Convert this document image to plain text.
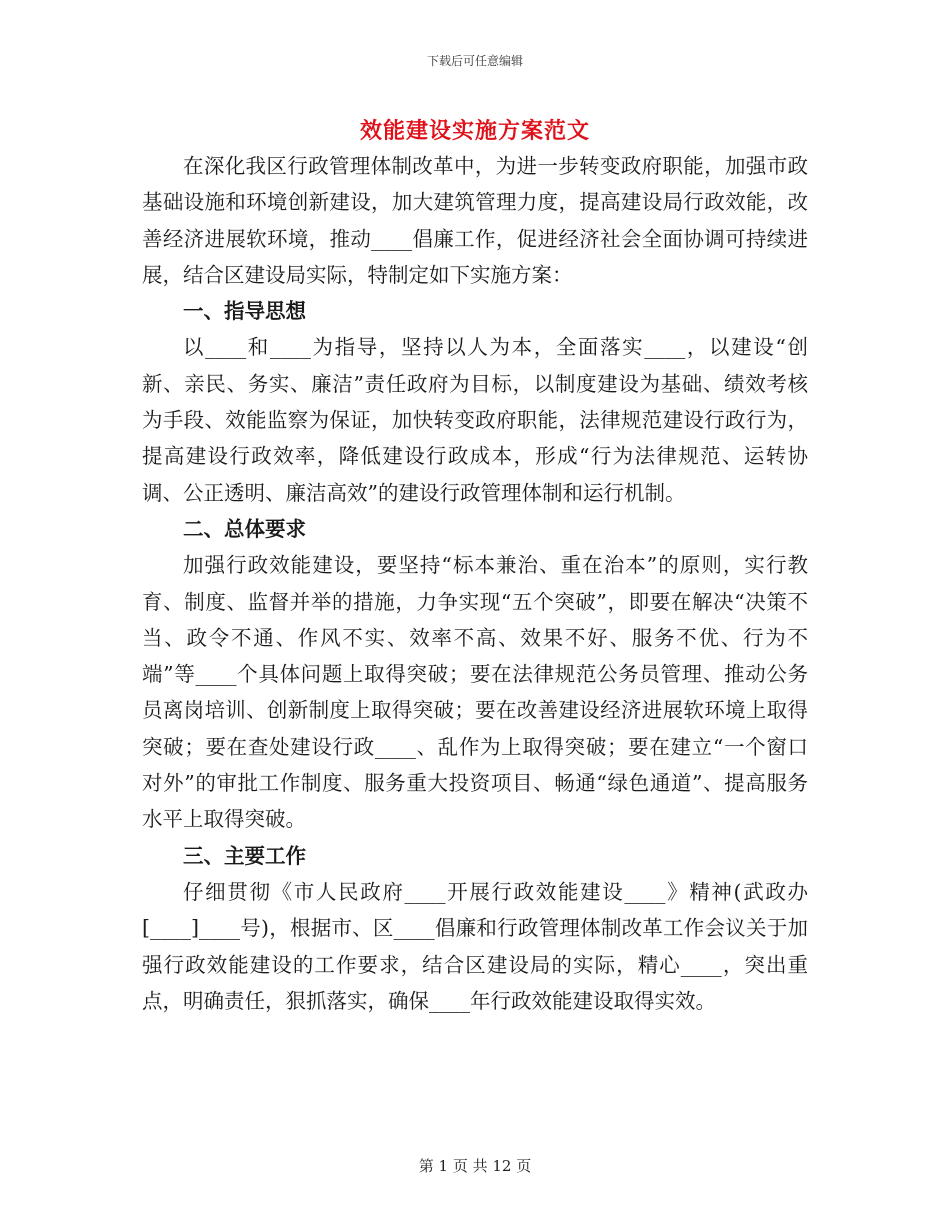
下载后可任意编辑
效能建设实施方案范文

在深化我区行政管理体制改革中，为进一步转变政府职能，加强市政基础设施和环境创新建设，加大建筑管理力度，提高建设局行政效能，改善经济进展软环境，推动____倡廉工作，促进经济社会全面协调可持续进展，结合区建设局实际，特制定如下实施方案：

一、指导思想

以____和____为指导，坚持以人为本，全面落实____，以建设“创新、亲民、务实、廉洁”责任政府为目标，以制度建设为基础、绩效考核为手段、效能监察为保证，加快转变政府职能，法律规范建设行政行为，提高建设行政效率，降低建设行政成本，形成“行为法律规范、运转协调、公正透明、廉洁高效”的建设行政管理体制和运行机制。

二、总体要求

加强行政效能建设，要坚持“标本兼治、重在治本”的原则，实行教育、制度、监督并举的措施，力争实现“五个突破”，即要在解决“决策不当、政令不通、作风不实、效率不高、效果不好、服务不优、行为不端”等____个具体问题上取得突破；要在法律规范公务员管理、推动公务员离岗培训、创新制度上取得突破；要在改善建设经济进展软环境上取得突破；要在查处建设行政____、乱作为上取得突破；要在建立“一个窗口对外”的审批工作制度、服务重大投资项目、畅通“绿色通道”、提高服务水平上取得突破。

三、主要工作

仔细贯彻《市人民政府____开展行政效能建设____》精神(武政办[____]____号)，根据市、区____倡廉和行政管理体制改革工作会议关于加强行政效能建设的工作要求，结合区建设局的实际，精心____，突出重点，明确责任，狠抓落实，确保____年行政效能建设取得实效。

第 1 页 共 12 页
